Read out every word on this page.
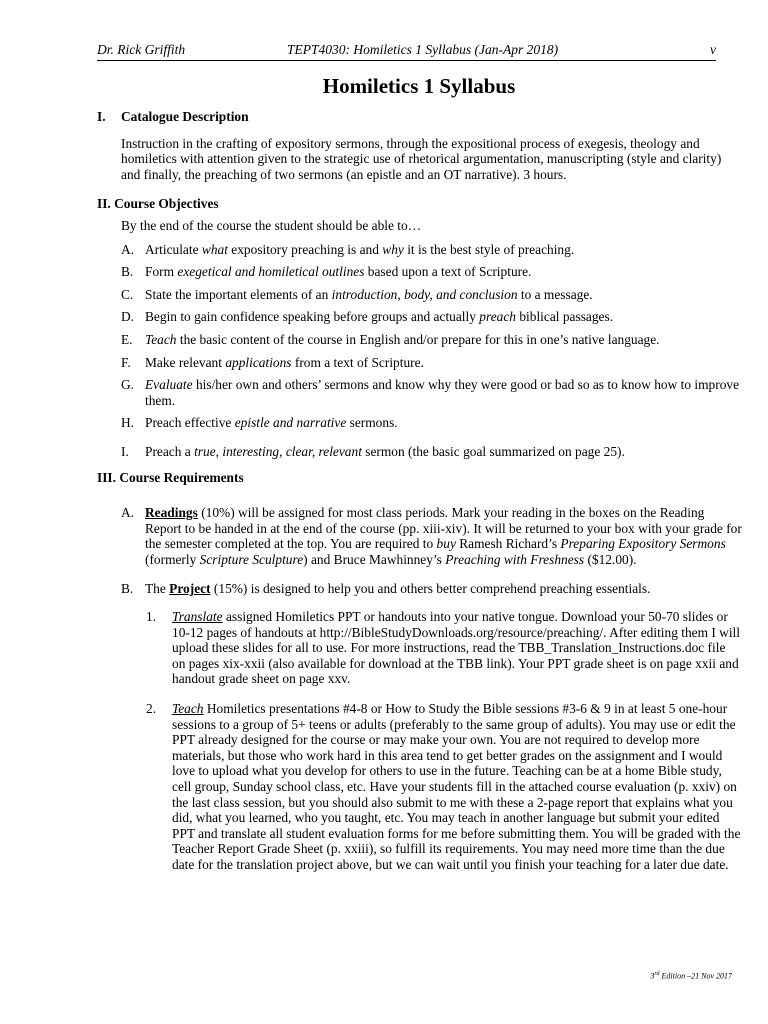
Dr. Rick Griffith	TEPT4030: Homiletics 1 Syllabus (Jan-Apr 2018)	v
Homiletics 1 Syllabus
I. Catalogue Description

Instruction in the crafting of expository sermons, through the expositional process of exegesis, theology and homiletics with attention given to the strategic use of rhetorical argumentation, manuscripting (style and clarity) and finally, the preaching of two sermons (an epistle and an OT narrative). 3 hours.

II. Course Objectives

By the end of the course the student should be able to…

A. Articulate what expository preaching is and why it is the best style of preaching.
B. Form exegetical and homiletical outlines based upon a text of Scripture.
C. State the important elements of an introduction, body, and conclusion to a message.
D. Begin to gain confidence speaking before groups and actually preach biblical passages.
E. Teach the basic content of the course in English and/or prepare for this in one’s native language.
F.	Make relevant applications from a text of Scripture.
G. Evaluate his/her own and others’ sermons and know why they were good or bad so as to know how to improve them.
H. Preach effective epistle and narrative sermons.
I.	Preach a true, interesting, clear, relevant sermon (the basic goal summarized on page 25).
III. Course Requirements
A. Readings (10%) will be assigned for most class periods. Mark your reading in the boxes on the Reading Report to be handed in at the end of the course (pp. xiii-xiv). It will be returned to your box with your grade for the semester completed at the top. You are required to buy Ramesh Richard’s Preparing Expository Sermons (formerly Scripture Sculpture) and Bruce Mawhinney’s Preaching with Freshness ($12.00).
B. The Project (15%) is designed to help you and others better comprehend preaching essentials.
1.	Translate assigned Homiletics PPT or handouts into your native tongue. Download your 50-70 slides or 10-12 pages of handouts at http://BibleStudyDownloads.org/resource/preaching/. After editing them I will upload these slides for all to use. For more instructions, read the TBB_Translation_Instructions.doc file on pages xix-xxii (also available for download at the TBB link). Your PPT grade sheet is on page xxii and handout grade sheet on page xxv.
2.	Teach Homiletics presentations #4-8 or How to Study the Bible sessions #3-6 & 9 in at least 5 one-hour sessions to a group of 5+ teens or adults (preferably to the same group of adults). You may use or edit the PPT already designed for the course or may make your own. You are not required to develop more materials, but those who work hard in this area tend to get better grades on the assignment and I would love to upload what you develop for others to use in the future. Teaching can be at a home Bible study, cell group, Sunday school class, etc. Have your students fill in the attached course evaluation (p. xxiv) on the last class session, but you should also submit to me with these a 2-page report that explains what you did, what you learned, who you taught, etc. You may teach in another language but submit your edited PPT and translate all student evaluation forms for me before submitting them. You will be graded with the Teacher Report Grade Sheet (p. xxiii), so fulfill its requirements. You may need more time than the due date for the translation project above, but we can wait until you finish your teaching for a later due date.
3rd Edition –21 Nov 2017
